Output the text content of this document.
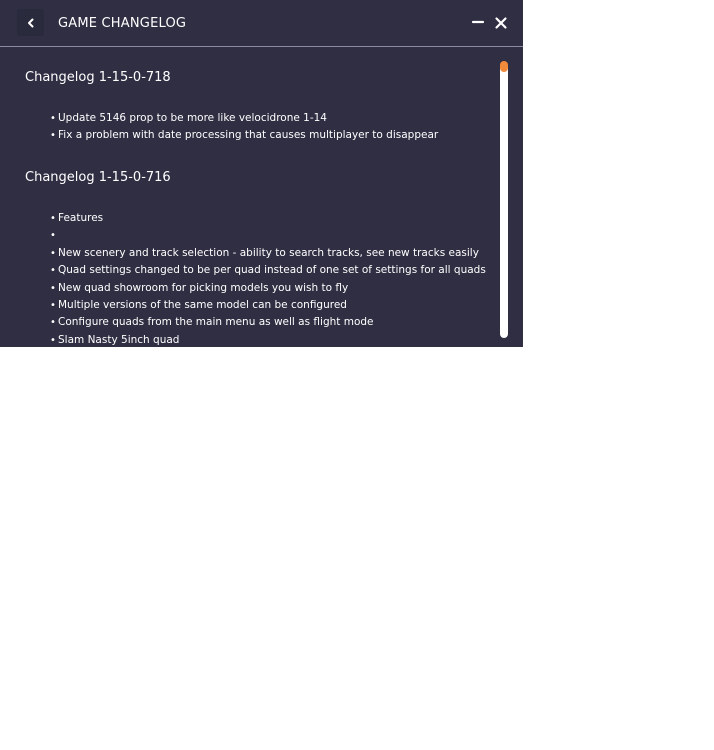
GAME CHANGELOG
Changelog 1-15-0-718
• Update 5146 prop to be more like velocidrone 1-14
• Fix a problem with date processing that causes multiplayer to disappear
Changelog 1-15-0-716
• Features
•
• New scenery and track selection - ability to search tracks, see new tracks easily
• Quad settings changed to be per quad instead of one set of settings for all quads
• New quad showroom for picking models you wish to fly
• Multiple versions of the same model can be configured
• Configure quads from the main menu as well as flight mode
• Slam Nasty 5inch quad
